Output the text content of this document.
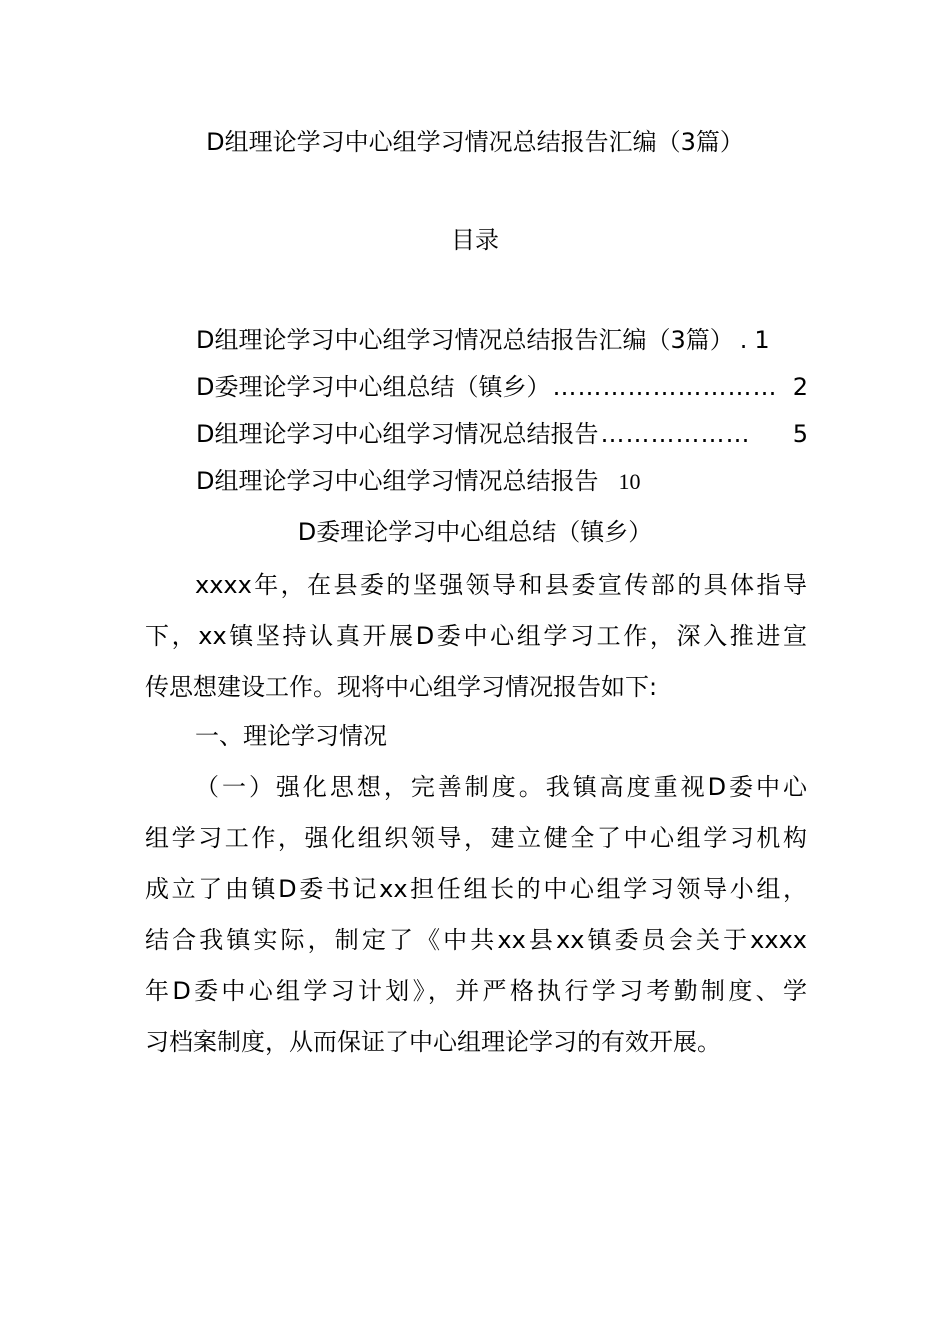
D组理论学习中心组学习情况总结报告汇编（3篇）
目录
D组理论学习中心组学习情况总结报告汇编（3篇） . 1
D委理论学习中心组总结（镇乡） ……………………… 2
D组理论学习中心组学习情况总结报告 ………………	5
D组理论学习中心组学习情况总结报告 10
D委理论学习中心组总结（镇乡）
xxxx年，在县委的坚强领导和县委宣传部的具体指导
下，xx镇坚持认真开展D委中心组学习工作，深入推进宣
传思想建设工作。现将中心组学习情况报告如下:
一、理论学习情况
（一）强化思想，完善制度。我镇高度重视D委中心
组学习工作，强化组织领导，建立健全了中心组学习机构
成立了由镇D委书记xx担任组长的中心组学习领导小组，
结合我镇实际，制定了《中共xx县xx镇委员会关于xxxx
年D委中心组学习计划》，并严格执行学习考勤制度、学
习档案制度，从而保证了中心组理论学习的有效开展。
